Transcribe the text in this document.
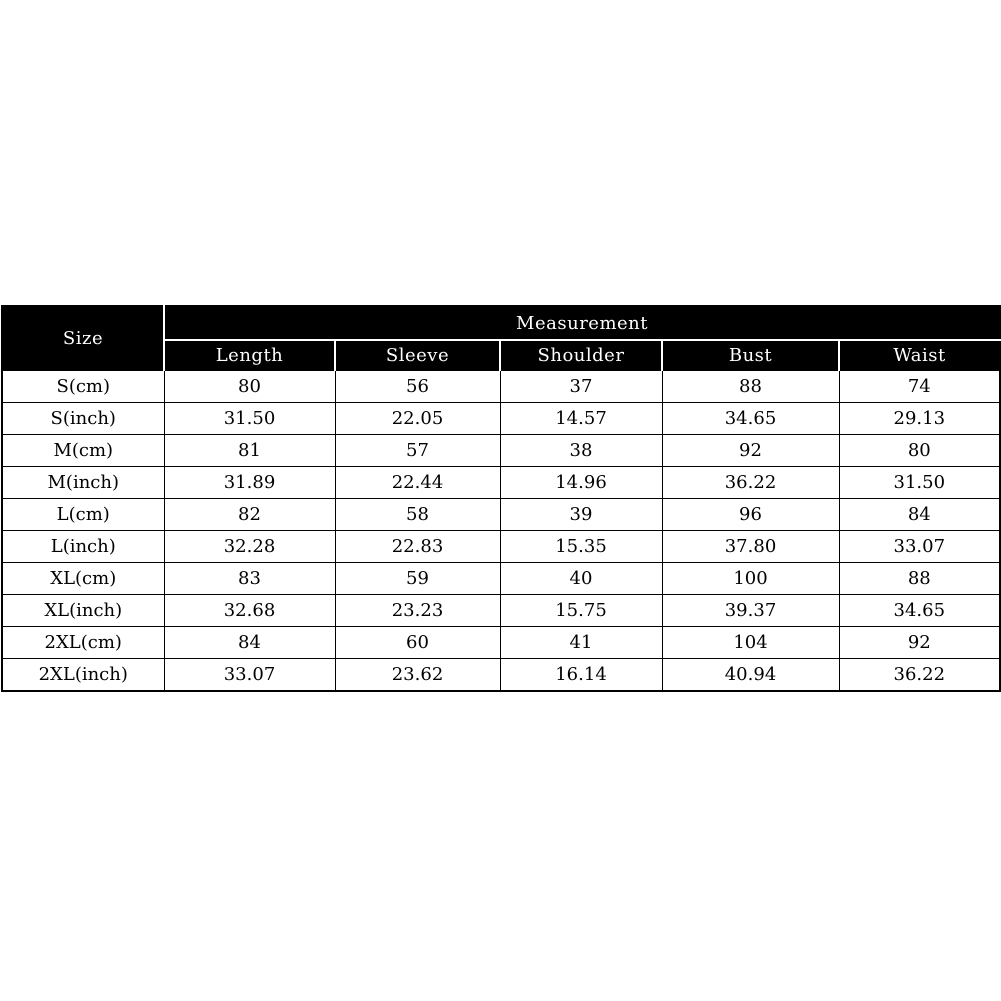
Size	Measurement				
	Length	Sleeve	Shoulder	Bust	Waist
S(cm)	80	56	37	88	74
S(inch)	31.50	22.05	14.57	34.65	29.13
M(cm)	81	57	38	92	80
M(inch)	31.89	22.44	14.96	36.22	31.50
L(cm)	82	58	39	96	84
L(inch)	32.28	22.83	15.35	37.80	33.07
XL(cm)	83	59	40	100	88
XL(inch)	32.68	23.23	15.75	39.37	34.65
2XL(cm)	84	60	41	104	92
2XL(inch)	33.07	23.62	16.14	40.94	36.22
